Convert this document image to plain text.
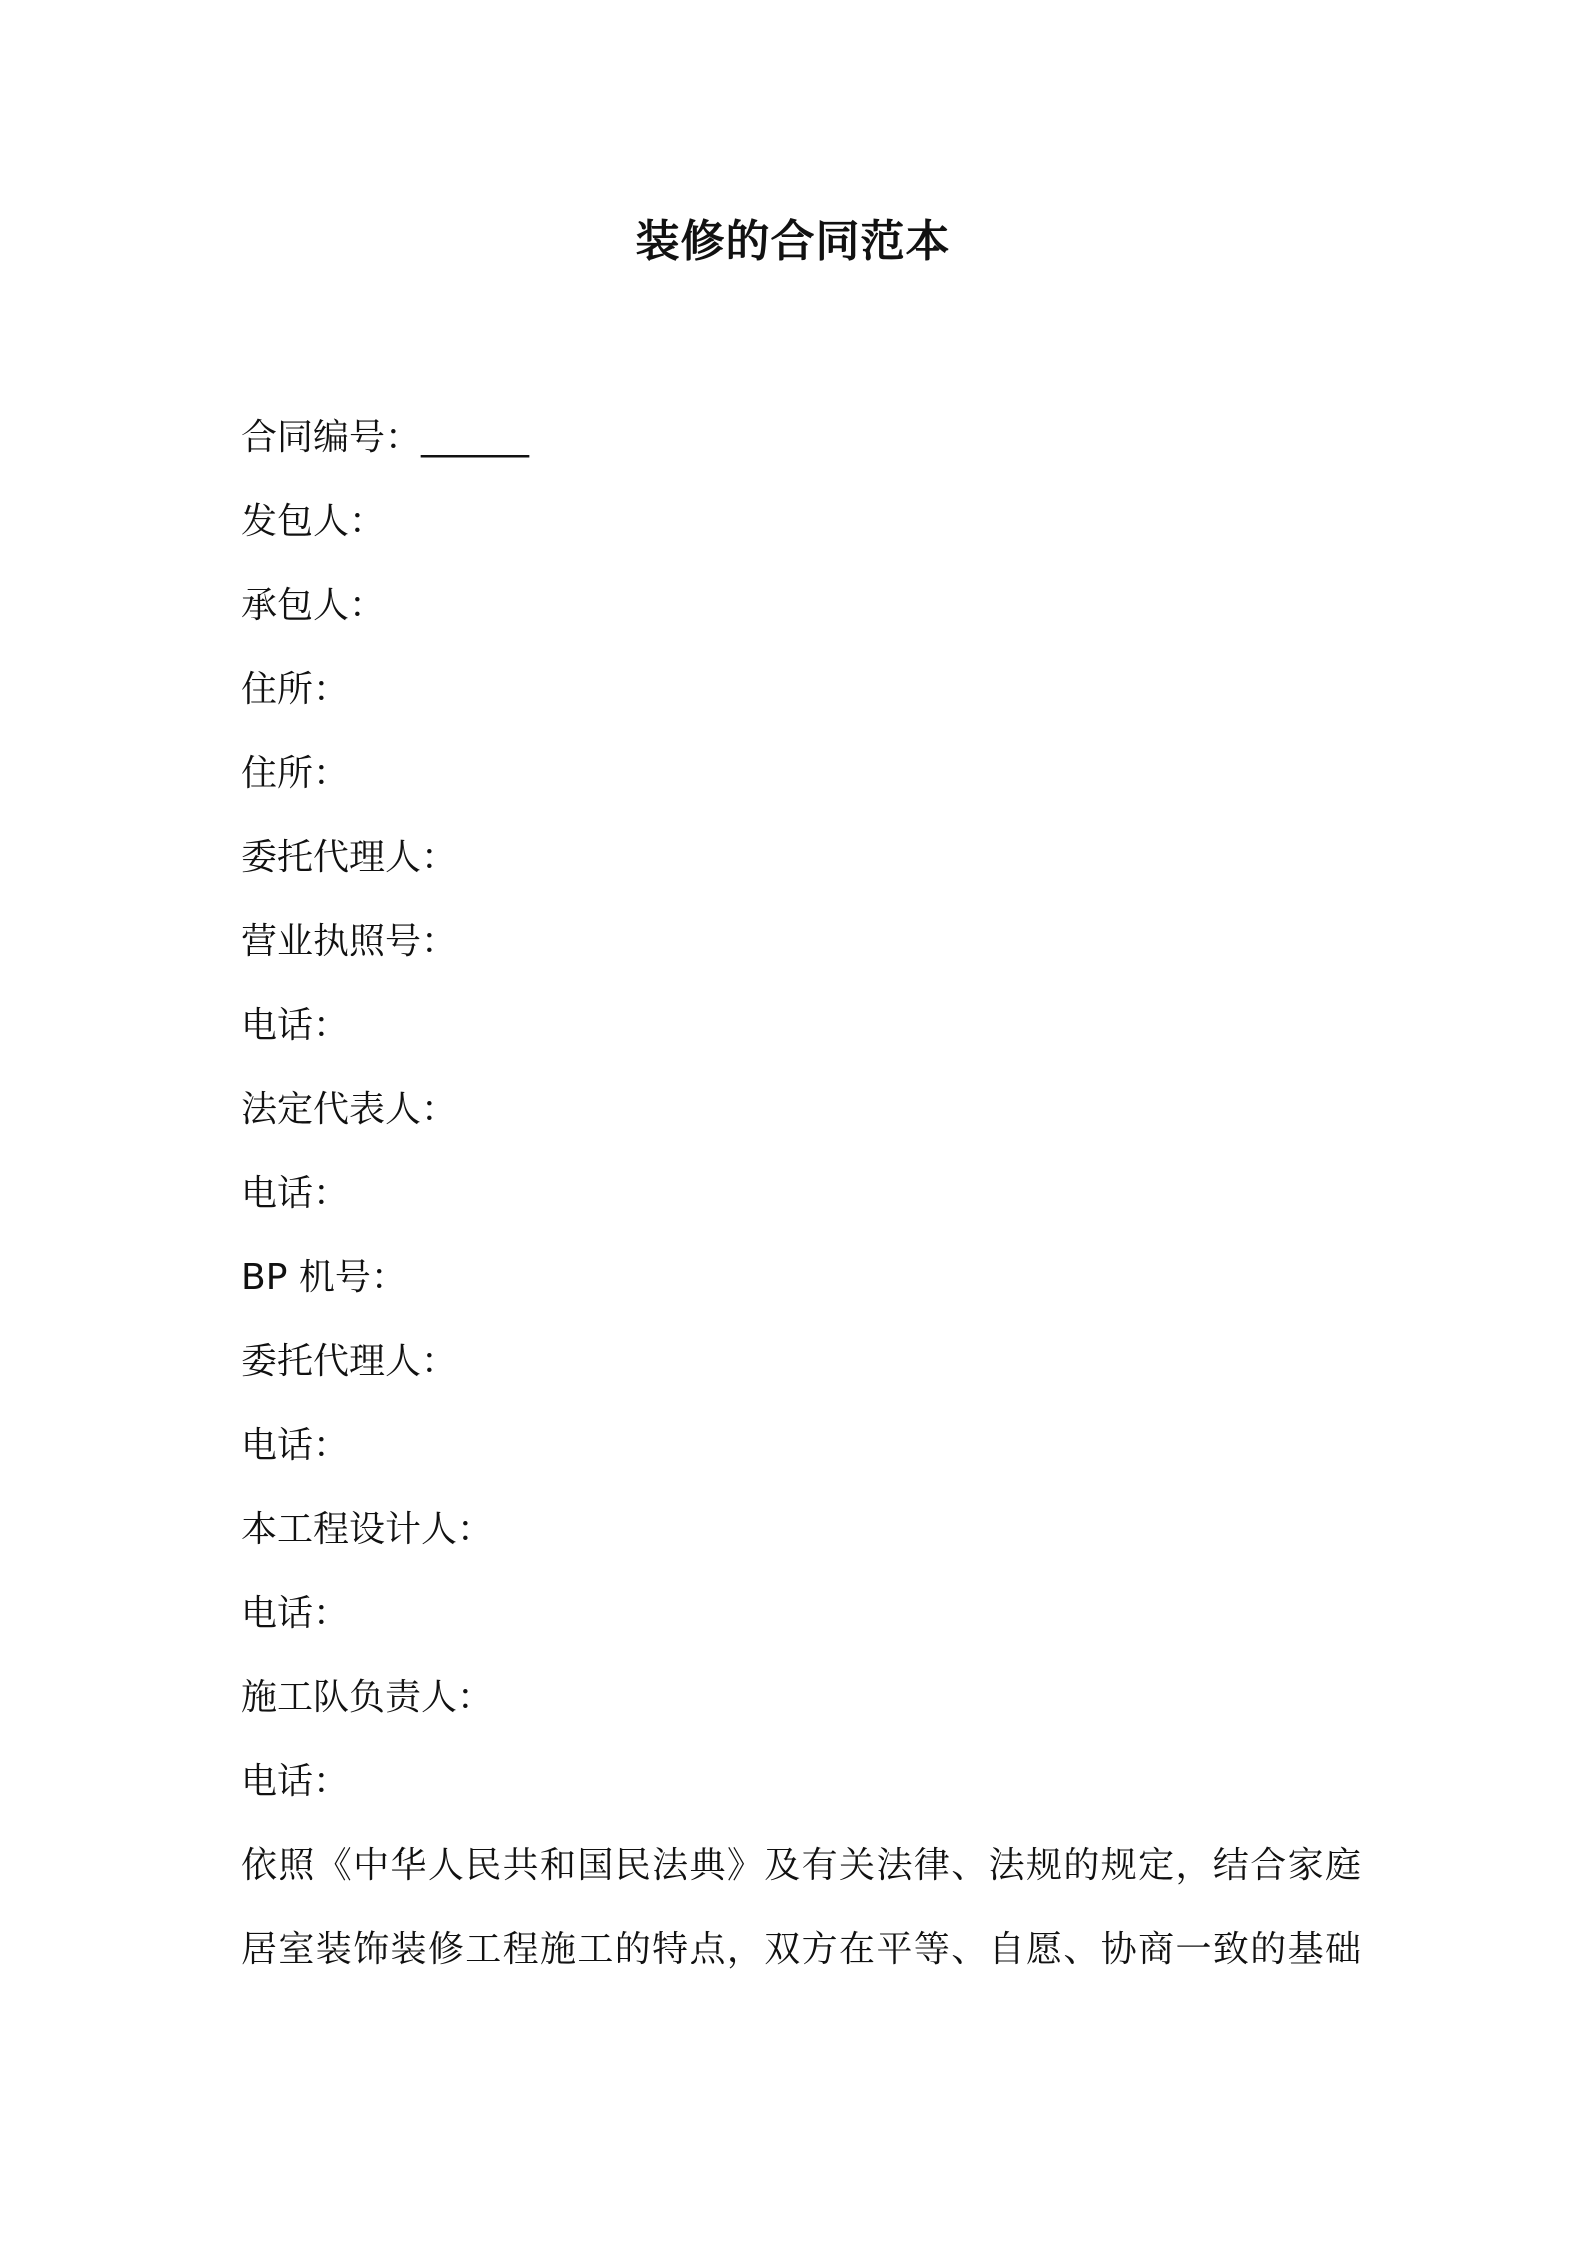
装修的合同范本
合同编号：______
发包人：
承包人：
住所：
住所：
委托代理人：
营业执照号：
电话：
法定代表人：
电话：
BP 机号：
委托代理人：
电话：
本工程设计人：
电话：
施工队负责人：
电话：

依照《中华人民共和国民法典》及有关法律、法规的规定，结合家庭
居室装饰装修工程施工的特点，双方在平等、自愿、协商一致的基础
